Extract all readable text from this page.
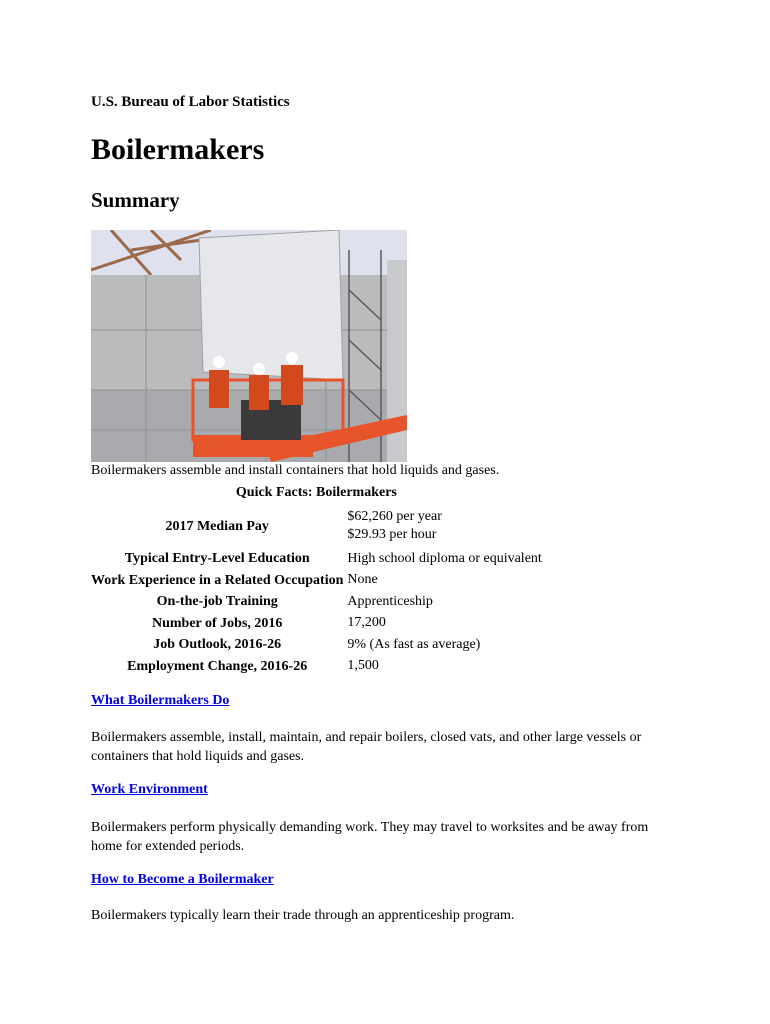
U.S. Bureau of Labor Statistics

Boilermakers
Summary

Boilermakers assemble and install containers that hold liquids and gases.

Quick Facts: Boilermakers
2017 Median Pay	$62,260 per year
$29.93 per hour

Typical Entry-Level Education	High school diploma or equivalent
Work Experience in a Related Occupation	None
On-the-job Training	Apprenticeship
Number of Jobs, 2016	17,200
Job Outlook, 2016-26	9% (As fast as average)
Employment Change, 2016-26	1,500
What Boilermakers Do

Boilermakers assemble, install, maintain, and repair boilers, closed vats, and other large vessels or containers that hold liquids and gases.

Work Environment

Boilermakers perform physically demanding work. They may travel to worksites and be away from home for extended periods.

How to Become a Boilermaker

Boilermakers typically learn their trade through an apprenticeship program.
